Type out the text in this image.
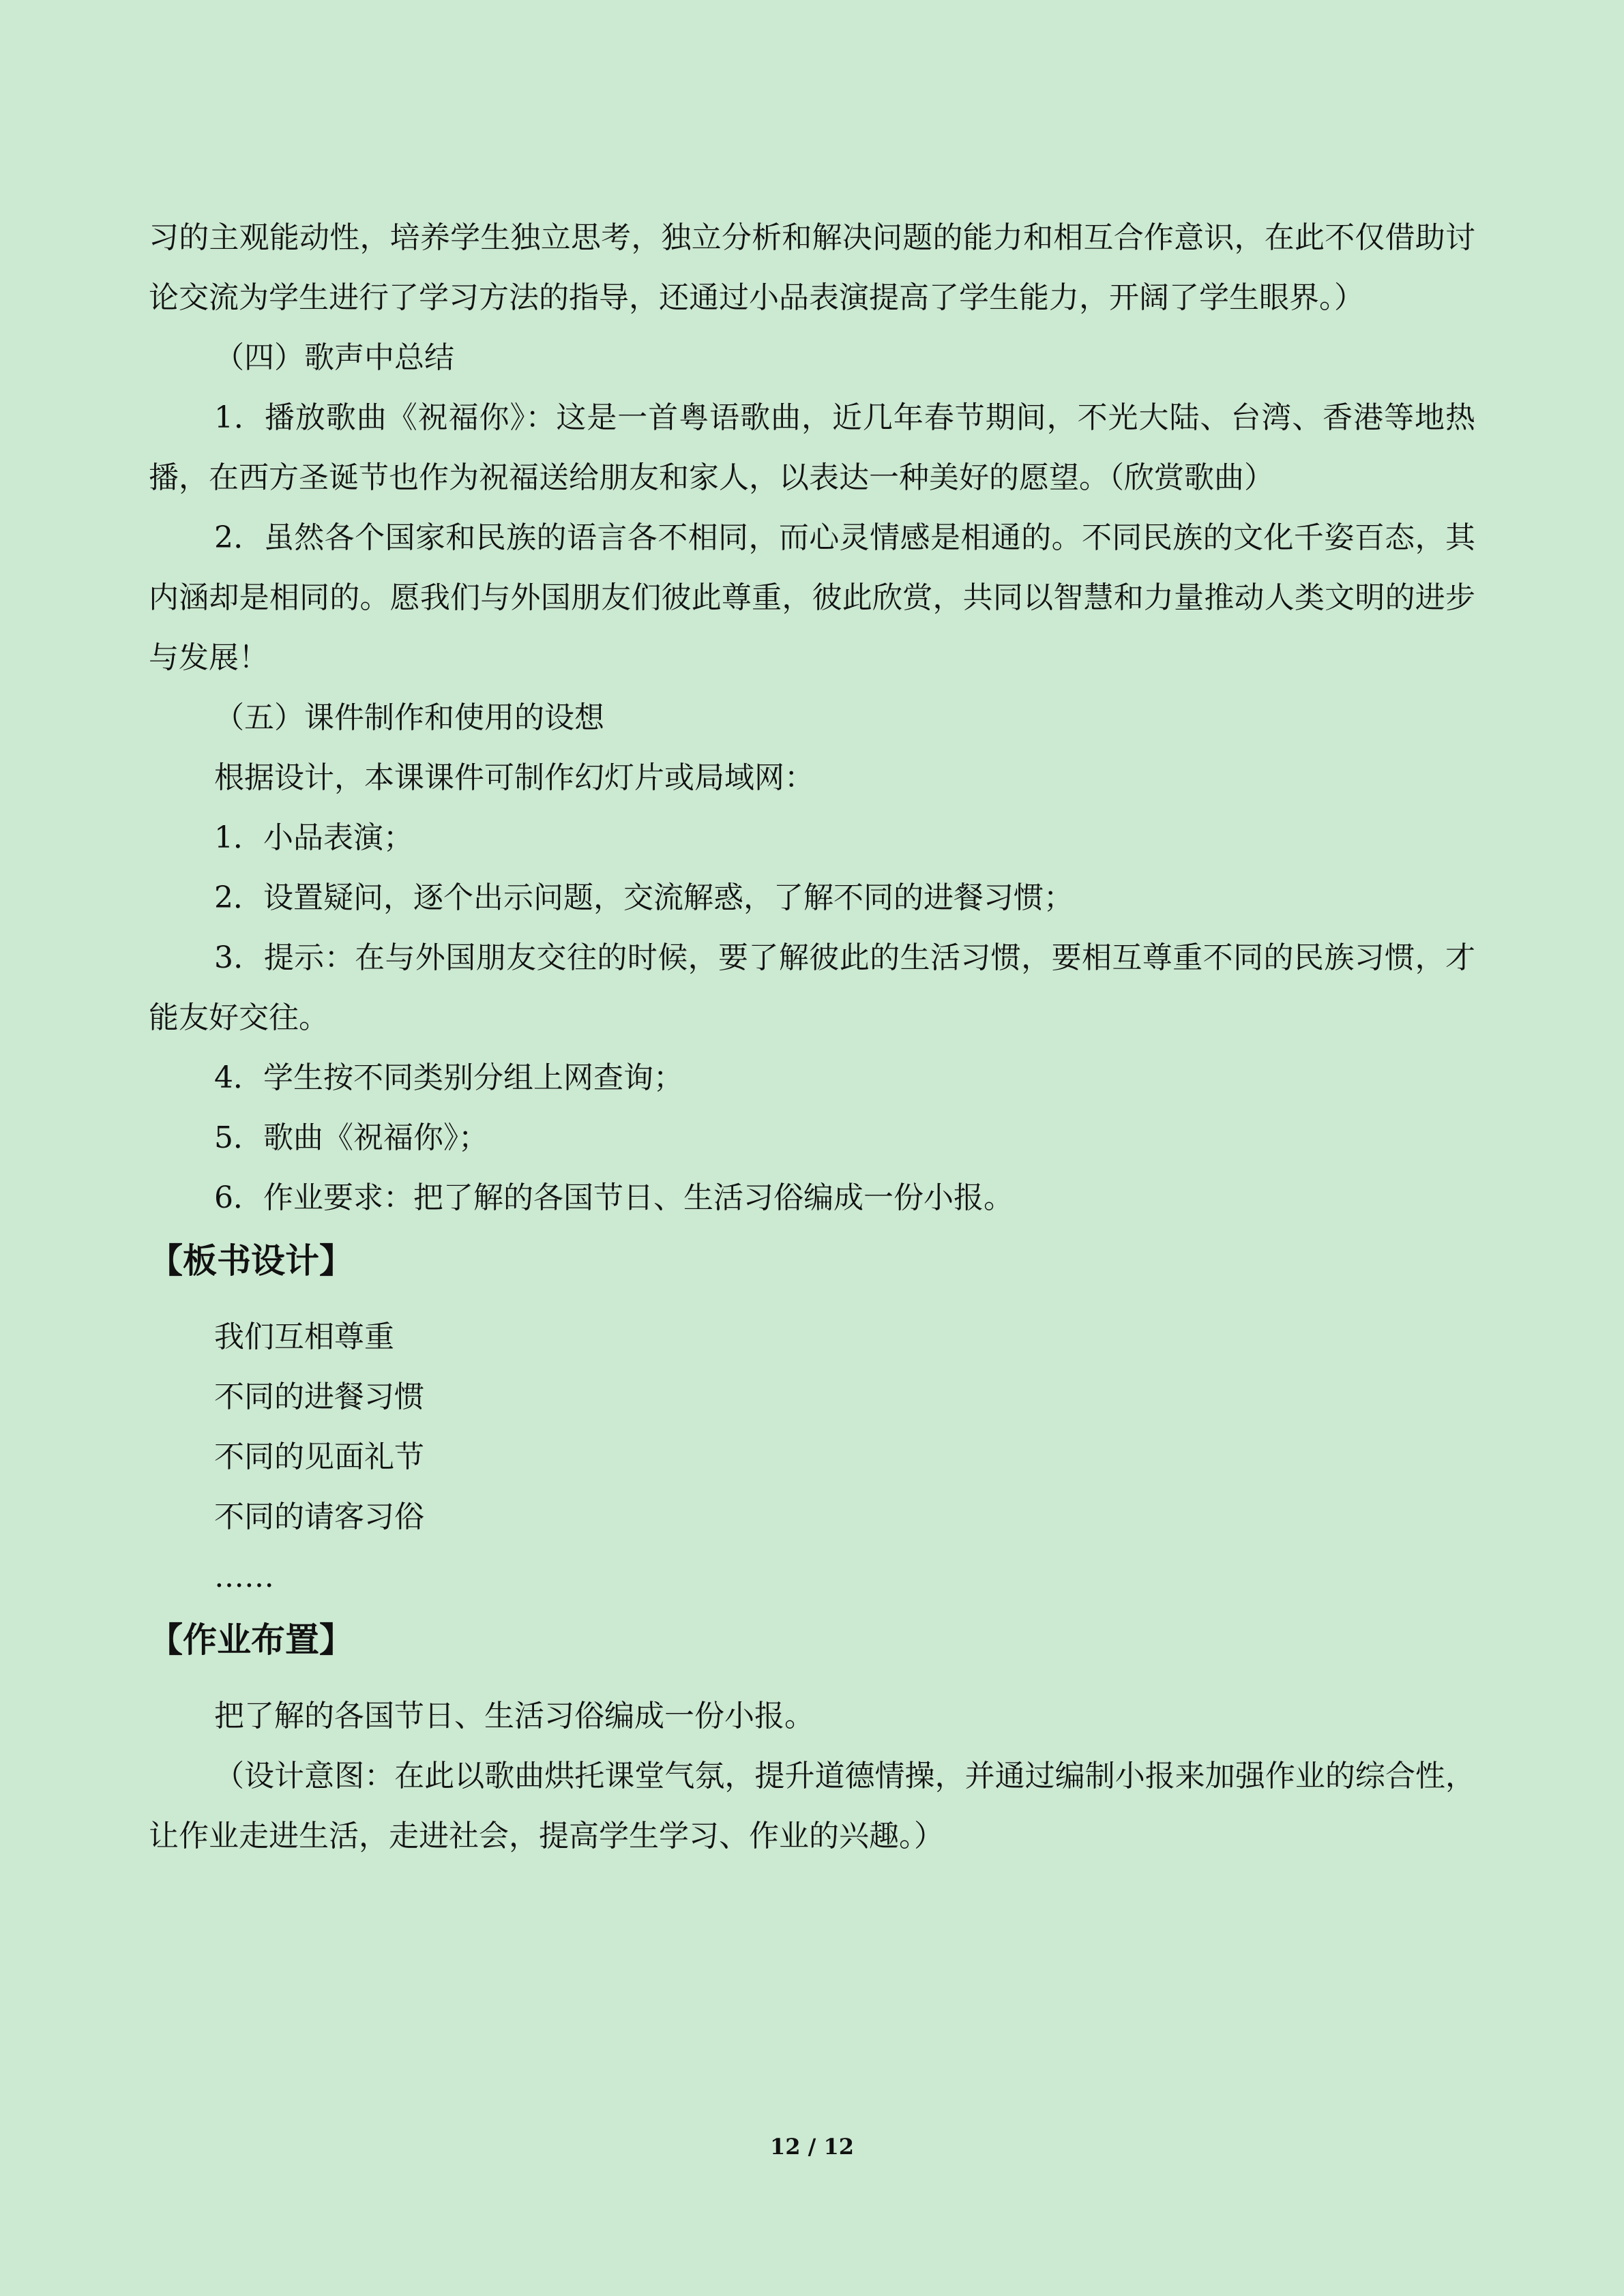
习的主观能动性，培养学生独立思考，独立分析和解决问题的能力和相互合作意识，在此不仅借助讨论交流为学生进行了学习方法的指导，还通过小品表演提高了学生能力，开阔了学生眼界。）

（四）歌声中总结

1．播放歌曲《祝福你》：这是一首粤语歌曲，近几年春节期间，不光大陆、台湾、香港等地热播，在西方圣诞节也作为祝福送给朋友和家人，以表达一种美好的愿望。（欣赏歌曲）

2．虽然各个国家和民族的语言各不相同，而心灵情感是相通的。不同民族的文化千姿百态，其内涵却是相同的。愿我们与外国朋友们彼此尊重，彼此欣赏，共同以智慧和力量推动人类文明的进步与发展！

（五）课件制作和使用的设想

根据设计，本课课件可制作幻灯片或局域网：

1．小品表演；

2．设置疑问，逐个出示问题，交流解惑，了解不同的进餐习惯；

3．提示：在与外国朋友交往的时候，要了解彼此的生活习惯，要相互尊重不同的民族习惯，才能友好交往。

4．学生按不同类别分组上网查询；

5．歌曲《祝福你》；

6．作业要求：把了解的各国节日、生活习俗编成一份小报。

【板书设计】

我们互相尊重

不同的进餐习惯

不同的见面礼节

不同的请客习俗

……

【作业布置】

把了解的各国节日、生活习俗编成一份小报。

（设计意图：在此以歌曲烘托课堂气氛，提升道德情操，并通过编制小报来加强作业的综合性，让作业走进生活，走进社会，提高学生学习、作业的兴趣。）

12 / 12
